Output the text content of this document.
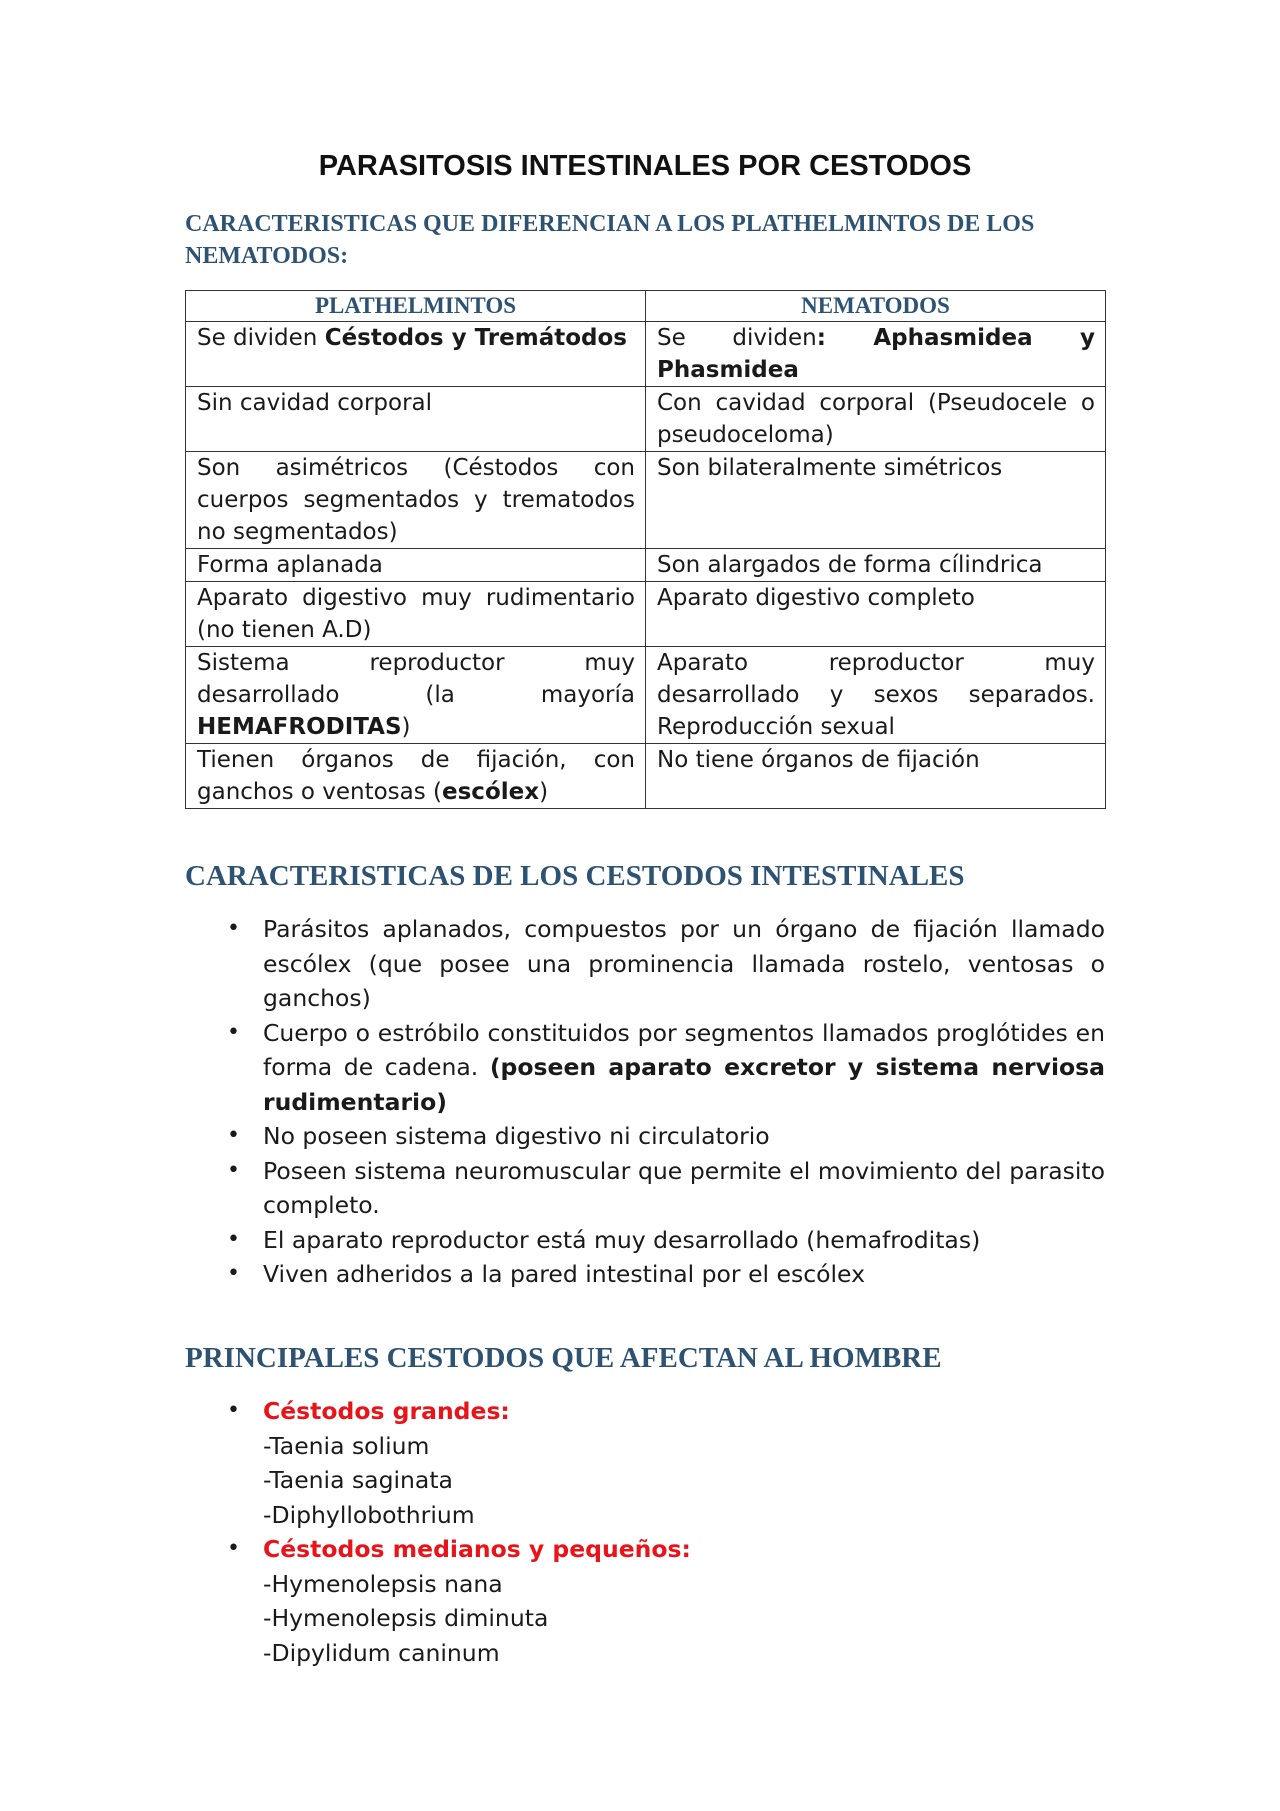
PARASITOSIS INTESTINALES POR CESTODOS
CARACTERISTICAS QUE DIFERENCIAN A LOS PLATHELMINTOS DE LOS NEMATODOS:
PLATHELMINTOS	NEMATODOS
Se dividen Céstodos y Tremátodos	Se dividen: Aphasmidea y Phasmidea
Sin cavidad corporal	Con cavidad corporal (Pseudocele o pseudoceloma)
Son asimétricos (Céstodos con cuerpos segmentados y trematodos no segmentados)	Son bilateralmente simétricos
Forma aplanada	Son alargados de forma cílindrica
Aparato digestivo muy rudimentario (no tienen A.D)	Aparato digestivo completo
Sistema reproductor muy desarrollado (la mayoría HEMAFRODITAS)	Aparato reproductor muy desarrollado y sexos separados. Reproducción sexual
Tienen órganos de fijación, con ganchos o ventosas (escólex)	No tiene órganos de fijación
CARACTERISTICAS DE LOS CESTODOS INTESTINALES
• Parásitos aplanados, compuestos por un órgano de fijación llamado escólex (que posee una prominencia llamada rostelo, ventosas o ganchos)
• Cuerpo o estróbilo constituidos por segmentos llamados proglótides en forma de cadena. (poseen aparato excretor y sistema nerviosa rudimentario)
• No poseen sistema digestivo ni circulatorio
• Poseen sistema neuromuscular que permite el movimiento del parasito completo.
• El aparato reproductor está muy desarrollado (hemafroditas)
• Viven adheridos a la pared intestinal por el escólex
PRINCIPALES CESTODOS QUE AFECTAN AL HOMBRE
• Céstodos grandes:
-Taenia solium
-Taenia saginata
-Diphyllobothrium
• Céstodos medianos y pequeños:
-Hymenolepsis nana
-Hymenolepsis diminuta
-Dipylidum caninum
